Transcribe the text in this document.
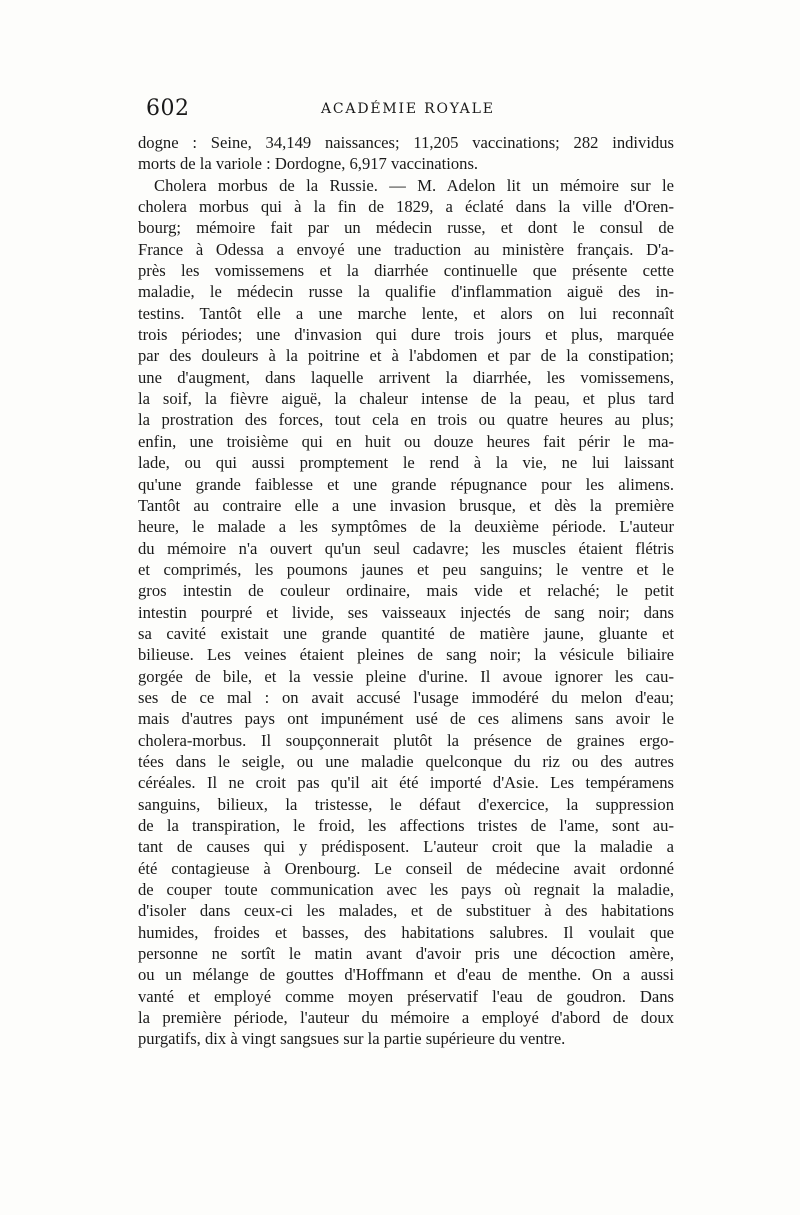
602	ACADÉMIE ROYALE
dogne : Seine, 34,149 naissances; 11,205 vaccinations; 282 individus
morts de la variole : Dordogne, 6,917 vaccinations.
Cholera morbus de la Russie. — M. Adelon lit un mémoire sur le
cholera morbus qui à la fin de 1829, a éclaté dans la ville d'Oren-
bourg; mémoire fait par un médecin russe, et dont le consul de
France à Odessa a envoyé une traduction au ministère français. D'a-
près les vomissemens et la diarrhée continuelle que présente cette
maladie, le médecin russe la qualifie d'inflammation aiguë des in-
testins. Tantôt elle a une marche lente, et alors on lui reconnaît
trois périodes; une d'invasion qui dure trois jours et plus, marquée
par des douleurs à la poitrine et à l'abdomen et par de la constipation;
une d'augment, dans laquelle arrivent la diarrhée, les vomissemens,
la soif, la fièvre aiguë, la chaleur intense de la peau, et plus tard
la prostration des forces, tout cela en trois ou quatre heures au plus;
enfin, une troisième qui en huit ou douze heures fait périr le ma-
lade, ou qui aussi promptement le rend à la vie, ne lui laissant
qu'une grande faiblesse et une grande répugnance pour les alimens.
Tantôt au contraire elle a une invasion brusque, et dès la première
heure, le malade a les symptômes de la deuxième période. L'auteur
du mémoire n'a ouvert qu'un seul cadavre; les muscles étaient flétris
et comprimés, les poumons jaunes et peu sanguins; le ventre et le
gros intestin de couleur ordinaire, mais vide et relaché; le petit
intestin pourpré et livide, ses vaisseaux injectés de sang noir; dans
sa cavité existait une grande quantité de matière jaune, gluante et
bilieuse. Les veines étaient pleines de sang noir; la vésicule biliaire
gorgée de bile, et la vessie pleine d'urine. Il avoue ignorer les cau-
ses de ce mal : on avait accusé l'usage immodéré du melon d'eau;
mais d'autres pays ont impunément usé de ces alimens sans avoir le
cholera-morbus. Il soupçonnerait plutôt la présence de graines ergo-
tées dans le seigle, ou une maladie quelconque du riz ou des autres
céréales. Il ne croit pas qu'il ait été importé d'Asie. Les tempéramens
sanguins, bilieux, la tristesse, le défaut d'exercice, la suppression
de la transpiration, le froid, les affections tristes de l'ame, sont au-
tant de causes qui y prédisposent. L'auteur croit que la maladie a
été contagieuse à Orenbourg. Le conseil de médecine avait ordonné
de couper toute communication avec les pays où regnait la maladie,
d'isoler dans ceux-ci les malades, et de substituer à des habitations
humides, froides et basses, des habitations salubres. Il voulait que
personne ne sortît le matin avant d'avoir pris une décoction amère,
ou un mélange de gouttes d'Hoffmann et d'eau de menthe. On a aussi
vanté et employé comme moyen préservatif l'eau de goudron. Dans
la première période, l'auteur du mémoire a employé d'abord de doux
purgatifs, dix à vingt sangsues sur la partie supérieure du ventre.
